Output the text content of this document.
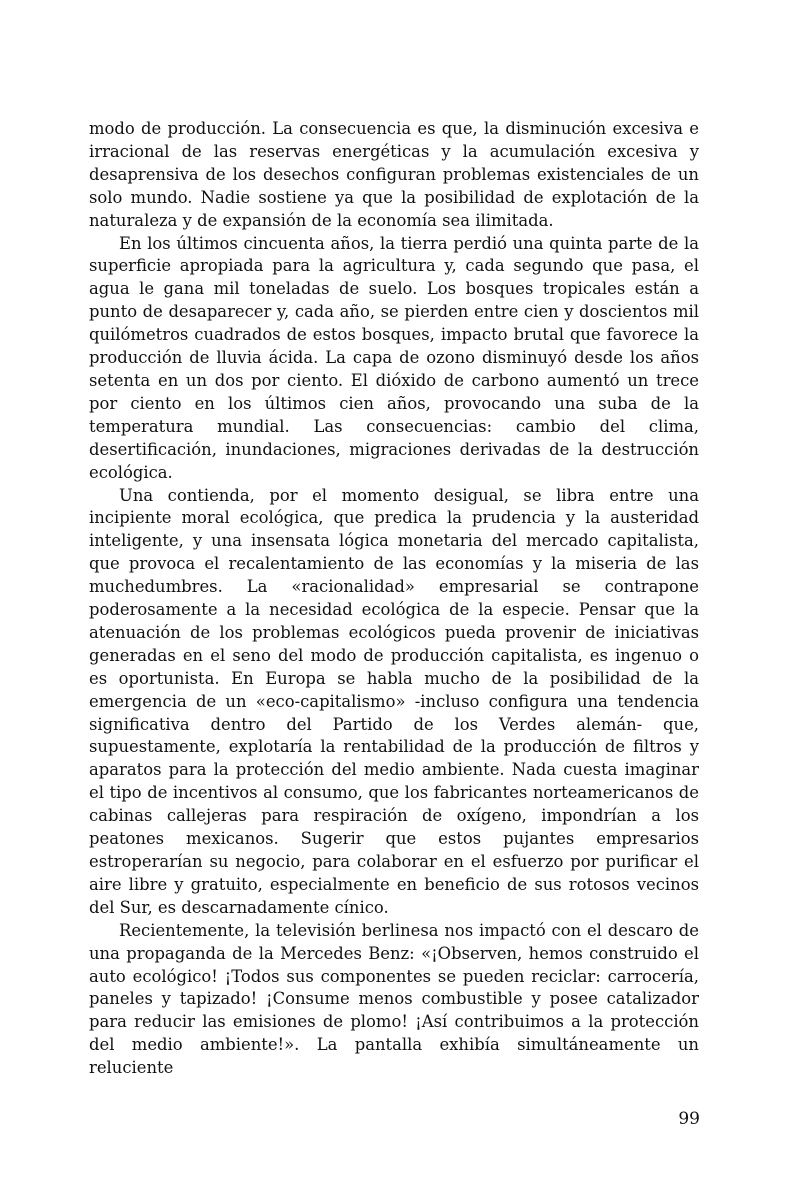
modo de producción. La consecuencia es que, la disminución excesiva e irracional de las reservas energéticas y la acumulación excesiva y desaprensiva de los desechos configuran problemas existenciales de un solo mundo. Nadie sostiene ya que la posibilidad de explotación de la naturaleza y de expansión de la economía sea ilimitada.

En los últimos cincuenta años, la tierra perdió una quinta parte de la superficie apropiada para la agricultura y, cada segundo que pasa, el agua le gana mil toneladas de suelo. Los bosques tropicales están a punto de desaparecer y, cada año, se pierden entre cien y doscientos mil quilómetros cuadrados de estos bosques, impacto brutal que favorece la producción de lluvia ácida. La capa de ozono disminuyó desde los años setenta en un dos por ciento. El dióxido de carbono aumentó un trece por ciento en los últimos cien años, provocando una suba de la temperatura mundial. Las consecuencias: cambio del clima, desertificación, inundaciones, migraciones derivadas de la destrucción ecológica.

Una contienda, por el momento desigual, se libra entre una incipiente moral ecológica, que predica la prudencia y la austeridad inteligente, y una insensata lógica monetaria del mercado capitalista, que provoca el recalentamiento de las economías y la miseria de las muchedumbres. La «racionalidad» empresarial se contrapone poderosamente a la necesidad ecológica de la especie. Pensar que la atenuación de los problemas ecológicos pueda provenir de iniciativas generadas en el seno del modo de producción capitalista, es ingenuo o es oportunista. En Europa se habla mucho de la posibilidad de la emergencia de un «eco-capitalismo» -incluso configura una tendencia significativa dentro del Partido de los Verdes alemán- que, supuestamente, explotaría la rentabilidad de la producción de filtros y aparatos para la protección del medio ambiente. Nada cuesta imaginar el tipo de incentivos al consumo, que los fabricantes norteamericanos de cabinas callejeras para respiración de oxígeno, impondrían a los peatones mexicanos. Sugerir que estos pujantes empresarios estroperarían su negocio, para colaborar en el esfuerzo por purificar el aire libre y gratuito, especialmente en beneficio de sus rotosos vecinos del Sur, es descarnadamente cínico.

Recientemente, la televisión berlinesa nos impactó con el descaro de una propaganda de la Mercedes Benz: «¡Observen, hemos construido el auto ecológico! ¡Todos sus componentes se pueden reciclar: carrocería, paneles y tapizado! ¡Consume menos combustible y posee catalizador para reducir las emisiones de plomo! ¡Así contribuimos a la protección del medio ambiente!». La pantalla exhibía simultáneamente un reluciente

99
